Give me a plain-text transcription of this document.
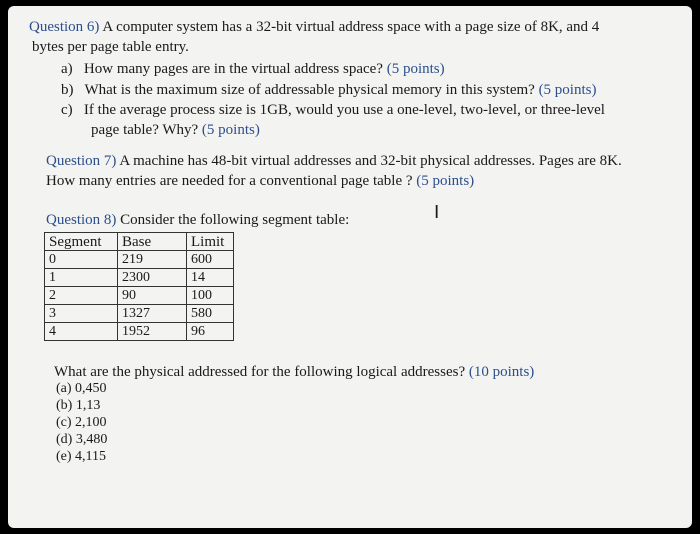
Question 6) A computer system has a 32-bit virtual address space with a page size of 8K, and 4
bytes per page table entry.
a) How many pages are in the virtual address space? (5 points)
b) What is the maximum size of addressable physical memory in this system? (5 points)
c) If the average process size is 1GB, would you use a one-level, two-level, or three-level
page table? Why? (5 points)
Question 7) A machine has 48-bit virtual addresses and 32-bit physical addresses. Pages are 8K.
How many entries are needed for a conventional page table ? (5 points)
Question 8) Consider the following segment table:	I
Segment	Base	Limit
0	219	600
1	2300	14
2	90	100
3	1327	580
4	1952	96
What are the physical addressed for the following logical addresses? (10 points)
(a) 0,450
(b) 1,13
(c) 2,100
(d) 3,480
(e) 4,115
